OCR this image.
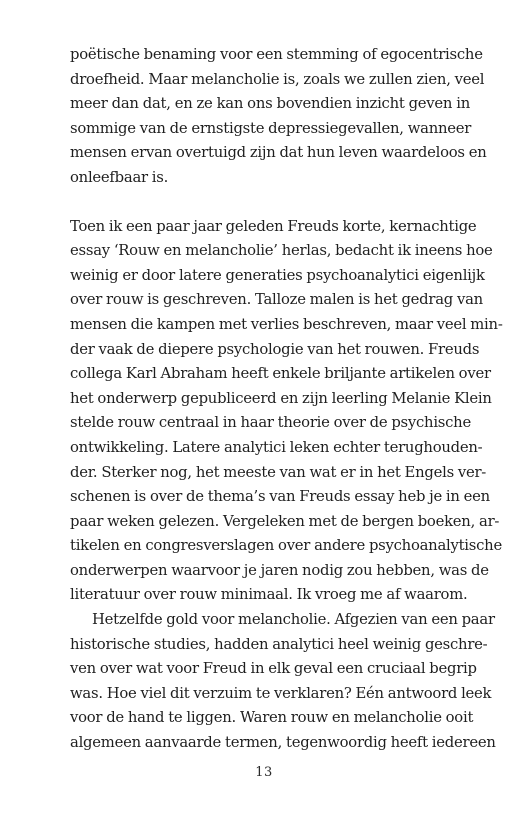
poëtische benaming voor een stemming of egocentrische
droefheid. Maar melancholie is, zoals we zullen zien, veel
meer dan dat, en ze kan ons bovendien inzicht geven in
sommige van de ernstigste depressiegevallen, wanneer
mensen ervan overtuigd zijn dat hun leven waardeloos en
onleefbaar is.

Toen ik een paar jaar geleden Freuds korte, kernachtige
essay ‘Rouw en melancholie’ herlas, bedacht ik ineens hoe
weinig er door latere generaties psychoanalytici eigenlijk
over rouw is geschreven. Talloze malen is het gedrag van
mensen die kampen met verlies beschreven, maar veel min-
der vaak de diepere psychologie van het rouwen. Freuds
collega Karl Abraham heeft enkele briljante artikelen over
het onderwerp gepubliceerd en zijn leerling Melanie Klein
stelde rouw centraal in haar theorie over de psychische
ontwikkeling. Latere analytici leken echter terughouden-
der. Sterker nog, het meeste van wat er in het Engels ver-
schenen is over de thema’s van Freuds essay heb je in een
paar weken gelezen. Vergeleken met de bergen boeken, ar-
tikelen en congresverslagen over andere psychoanalytische
onderwerpen waarvoor je jaren nodig zou hebben, was de
literatuur over rouw minimaal. Ik vroeg me af waarom.

Hetzelfde gold voor melancholie. Afgezien van een paar
historische studies, hadden analytici heel weinig geschre-
ven over wat voor Freud in elk geval een cruciaal begrip
was. Hoe viel dit verzuim te verklaren? Eén antwoord leek
voor de hand te liggen. Waren rouw en melancholie ooit
algemeen aanvaarde termen, tegenwoordig heeft iedereen

13
